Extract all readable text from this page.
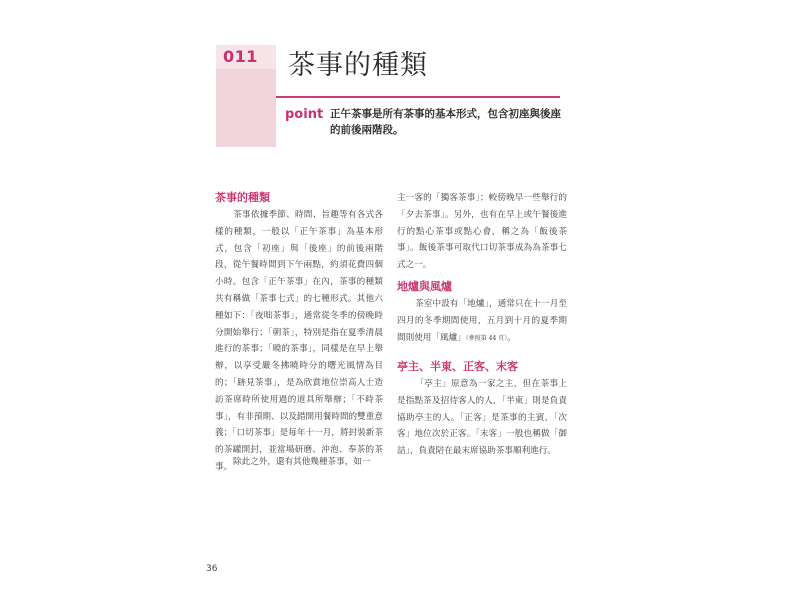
011 茶事的種類

point 正午茶事是所有茶事的基本形式，包含初座與後座的前後兩階段。

茶事的種類

茶事依據季節、時間、旨趣等有各式各樣的種類，一般以「正午茶事」為基本形式，包含「初座」與「後座」的前後兩階段，從午餐時間到下午兩點，約須花費四個小時。包含「正午茶事」在內，茶事的種類共有稱做「茶事七式」的七種形式。其他六種如下：「夜咄茶事」，通常從冬季的傍晚時分開始舉行；「朝茶」，特別是指在夏季清晨進行的茶事；「曉的茶事」，同樣是在早上舉辦，以享受嚴冬拂曉時分的曙光風情為目的；「跡見茶事」，是為欣賞地位崇高人士造訪茶席時所使用過的道具所舉辦；「不時茶事」，有非預期、以及錯開用餐時間的雙重意義；「口切茶事」是每年十一月，將封裝新茶的茶罐開封，並當場研磨、沖泡、奉茶的茶事。 除此之外，還有其他幾種茶事，如一

主一客的「獨客茶事」；較傍晚早一些舉行的「夕去茶事」。另外，也有在早上或午餐後進行的點心茶事或點心會，稱之為「飯後茶事」。飯後茶事可取代口切茶事成為為茶事七式之一。

地爐與風爐

茶室中設有「地爐」，通常只在十一月至四月的冬季期間使用，五月到十月的夏季期間則使用「風爐」（參照第 44 頁）。

亭主、半東、正客、末客

「亭主」原意為一家之主，但在茶事上是指點茶及招待客人的人，「半東」則是負責協助亭主的人。「正客」是茶事的主賓，「次客」地位次於正客。「末客」一般也稱做「御詰」，負責陪在最末席協助茶事順利進行。

36
